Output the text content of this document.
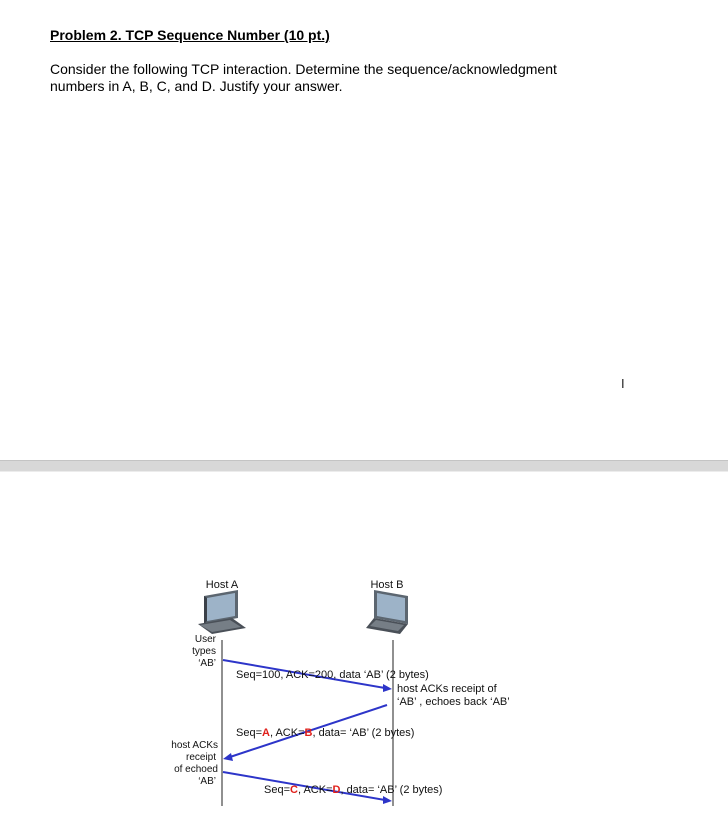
Problem 2. TCP Sequence Number (10 pt.)
Consider the following TCP interaction. Determine the sequence/acknowledgment numbers in A, B, C, and D. Justify your answer.
I
Host A	Host B
User
types
‘AB’
Seq=100, ACK=200, data ‘AB’ (2 bytes)
host ACKs receipt of
‘AB’ , echoes back ‘AB’
Seq=A, ACK=B, data= ‘AB’ (2 bytes)
host ACKs
receipt
of echoed
‘AB’
Seq=C, ACK=D, data= ‘AB’ (2 bytes)
